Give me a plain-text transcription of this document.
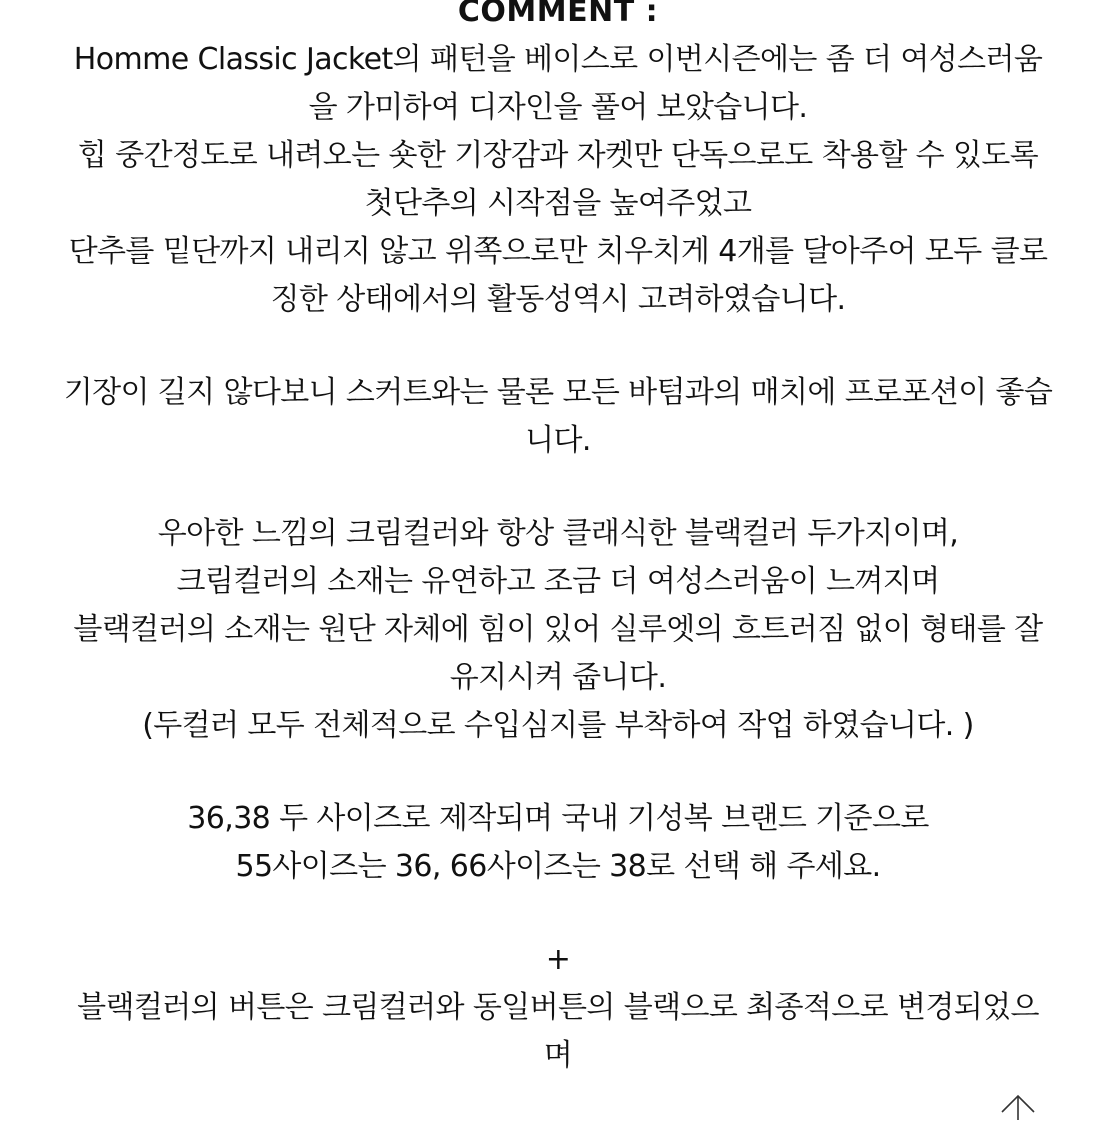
COMMENT :
Homme Classic Jacket의 패턴을 베이스로 이번시즌에는 좀 더 여성스러움
을 가미하여 디자인을 풀어 보았습니다.
힙 중간정도로 내려오는 숏한 기장감과 자켓만 단독으로도 착용할 수 있도록
첫단추의 시작점을 높여주었고
단추를 밑단까지 내리지 않고 위쪽으로만 치우치게 4개를 달아주어 모두 클로
징한 상태에서의 활동성역시 고려하였습니다.
기장이 길지 않다보니 스커트와는 물론 모든 바텀과의 매치에 프로포션이 좋습
니다.
우아한 느낌의 크림컬러와 항상 클래식한 블랙컬러 두가지이며,
크림컬러의 소재는 유연하고 조금 더 여성스러움이 느껴지며
블랙컬러의 소재는 원단 자체에 힘이 있어 실루엣의 흐트러짐 없이 형태를 잘
유지시켜 줍니다.
(두컬러 모두 전체적으로 수입심지를 부착하여 작업 하였습니다. )
36,38 두 사이즈로 제작되며 국내 기성복 브랜드 기준으로
55사이즈는 36, 66사이즈는 38로 선택 해 주세요.
+
블랙컬러의 버튼은 크림컬러와 동일버튼의 블랙으로 최종적으로 변경되었으
며
